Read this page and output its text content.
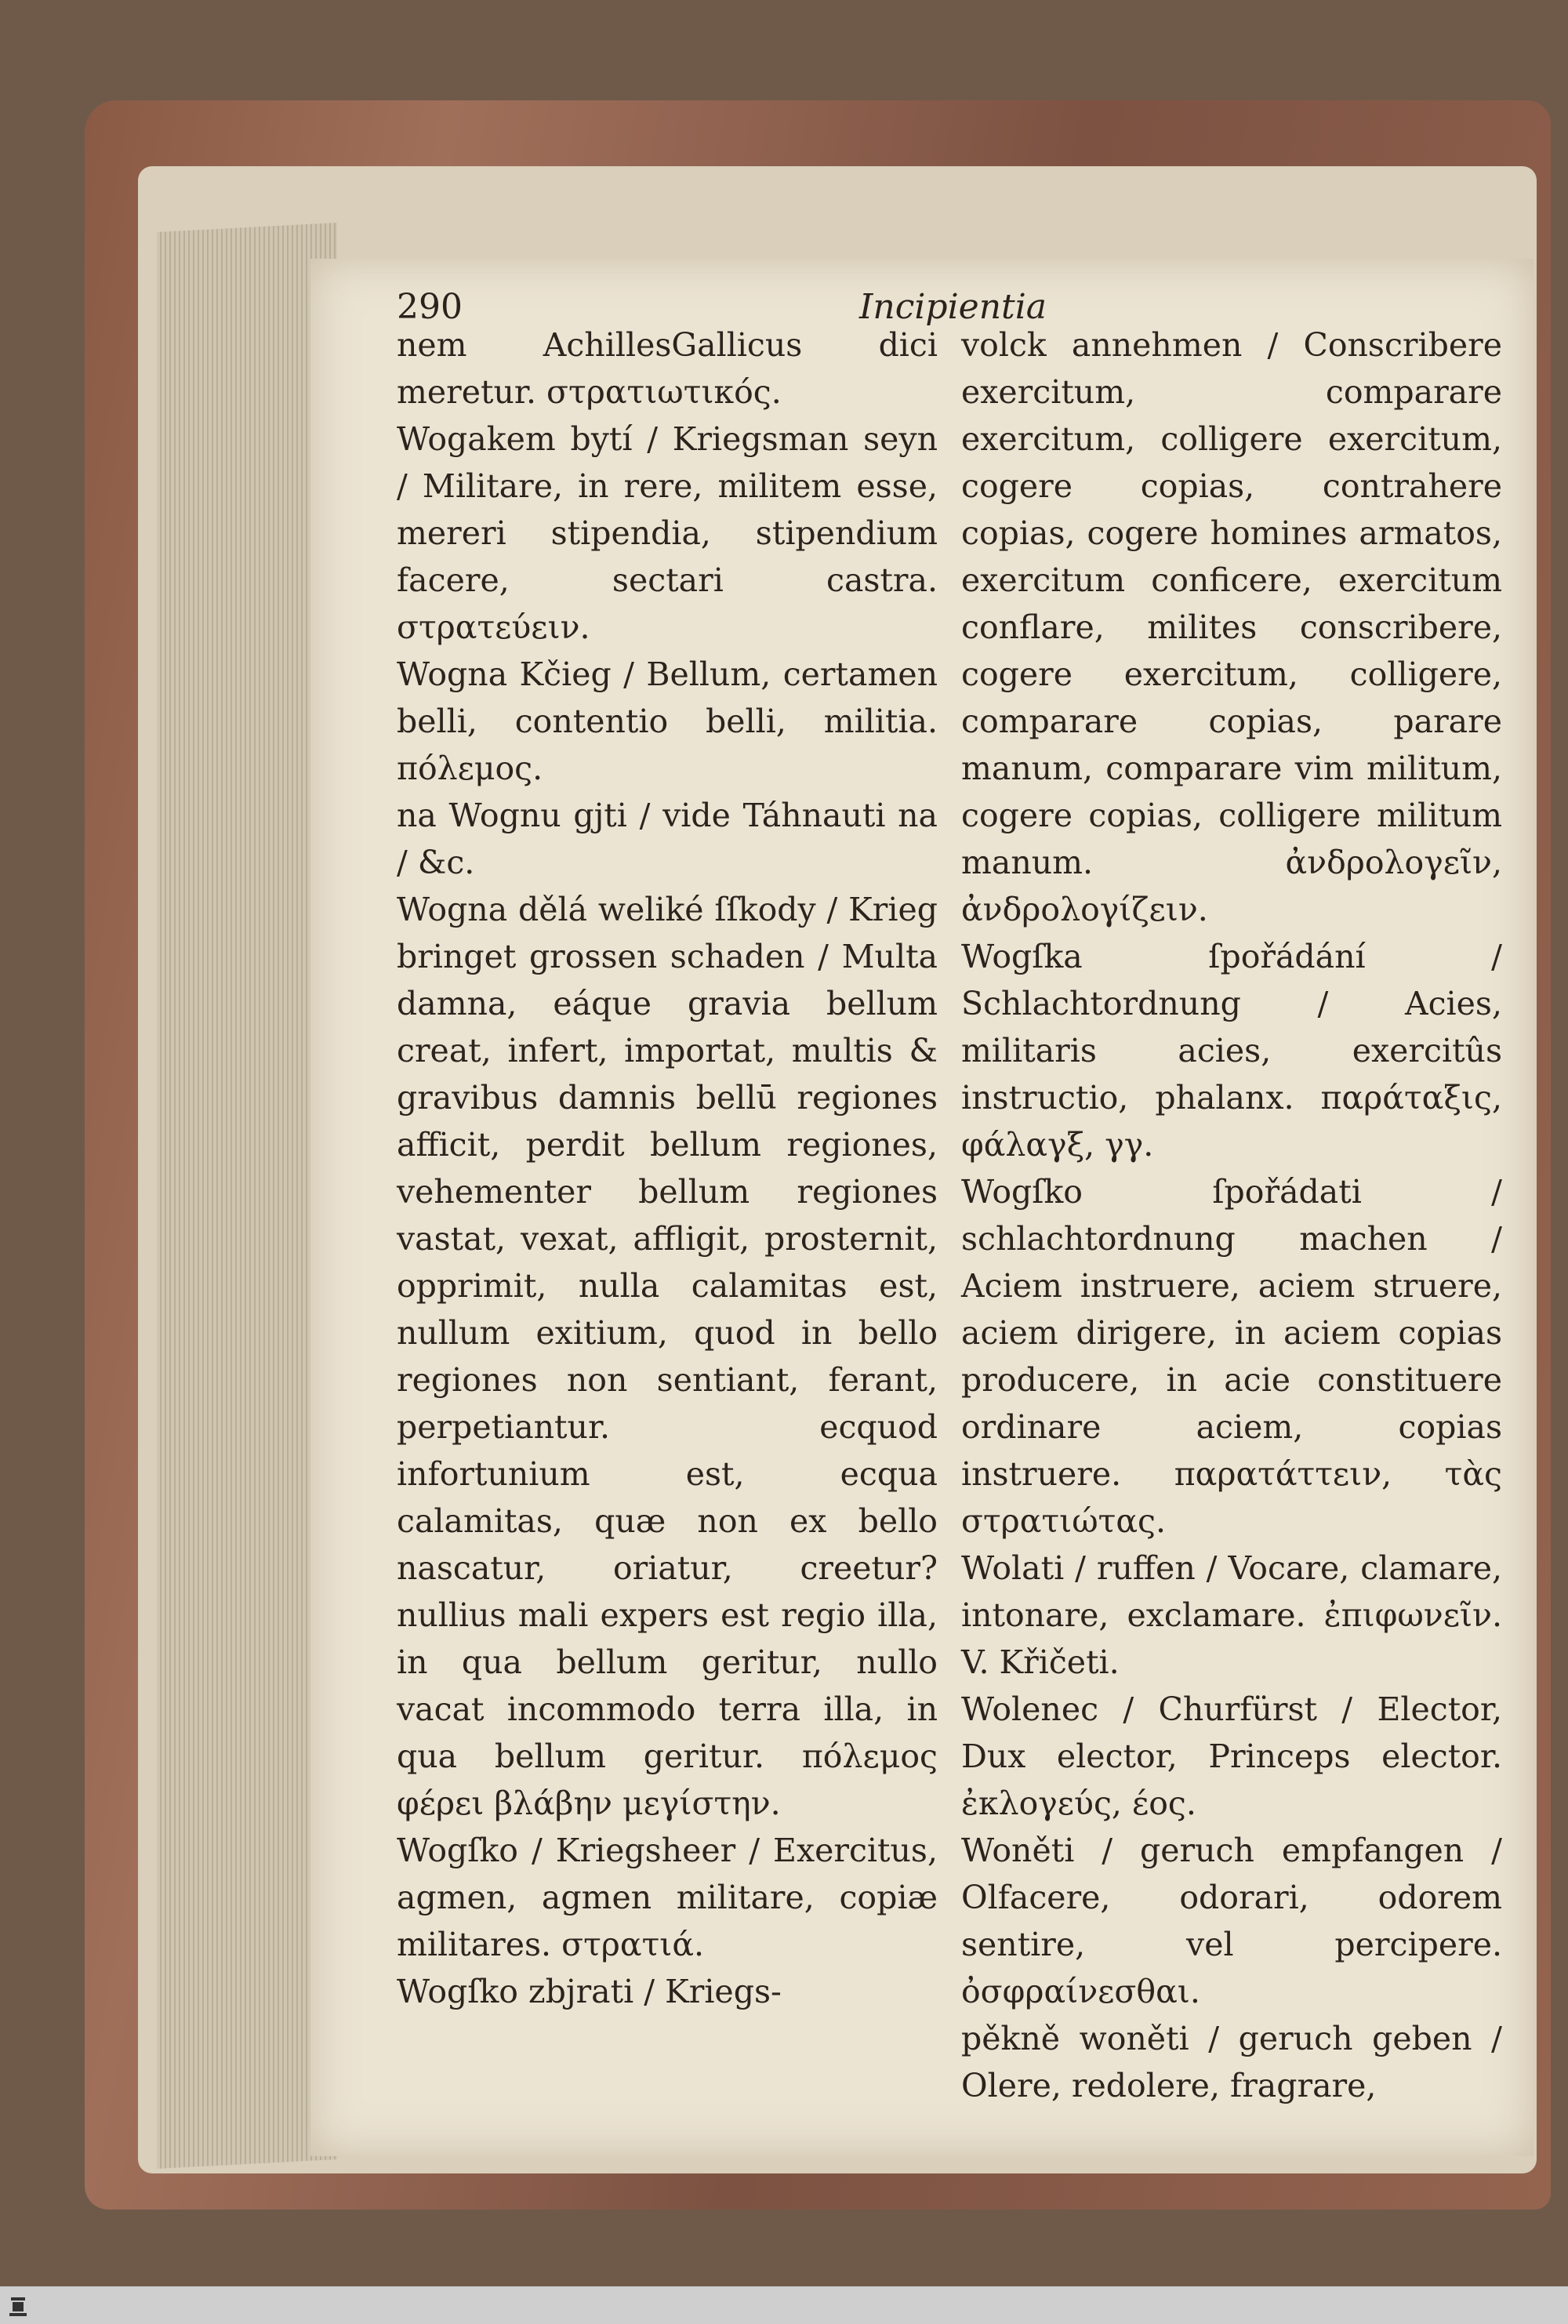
290	Incipientia

nem AchillesGallicus dici meretur. στρατιωτικός.

Wogakem bytí / Kriegsman seyn / Militare, in rere, militem esse, mereri stipendia, stipendium facere, sectari castra. στρατεύειν.

Wogna Kčieg / Bellum, certamen belli, contentio belli, militia. πόλεμος.

na Wognu gjti / vide Táhnauti na / &c.

Wogna dělá weliké ſſkody / Krieg bringet grossen schaden / Multa damna, eáque gravia bellum creat, infert, importat, multis & gravibus damnis bellū regiones afficit, perdit bellum regiones, vehementer bellum regiones vastat, vexat, affligit, prosternit, opprimit, nulla calamitas est, nullum exitium, quod in bello regiones non sentiant, ferant, perpetiantur. ecquod infortunium est, ecqua calamitas, quæ non ex bello nascatur, oriatur, creetur? nullius mali expers est regio illa, in qua bellum geritur, nullo vacat incommodo terra illa, in qua bellum geritur. πόλεμος φέρει βλάβην μεγίστην.

Wogſko / Kriegsheer / Exercitus, agmen, agmen militare, copiæ militares. στρατιά.

Wogſko zbjrati / Kriegs-

volck annehmen / Conscribere exercitum, comparare exercitum, colligere exercitum, cogere copias, contrahere copias, cogere homines armatos, exercitum conficere, exercitum conflare, milites conscribere, cogere exercitum, colligere, comparare copias, parare manum, comparare vim militum, cogere copias, colligere militum manum. ἀνδρολογεῖν, ἀνδρολογίζειν.

Wogſka ſpořádání / Schlachtordnung / Acies, militaris acies, exercitûs instructio, phalanx. παράταξις, φάλαγξ, γγ.

Wogſko ſpořádati / schlachtordnung machen / Aciem instruere, aciem struere, aciem dirigere, in aciem copias producere, in acie constituere ordinare aciem, copias instruere. παρατάττειν, τὰς στρατιώτας.

Wolati / ruffen / Vocare, clamare, intonare, exclamare. ἐπιφωνεῖν. V. Křičeti.

Wolenec / Churfürst / Elector, Dux elector, Princeps elector. ἐκλογεύς, έος.

Woněti / geruch empfangen / Olfacere, odorari, odorem sentire, vel percipere. ὀσφραίνεσθαι.

pěkně woněti / geruch geben / Olere, redolere, fragrare,
